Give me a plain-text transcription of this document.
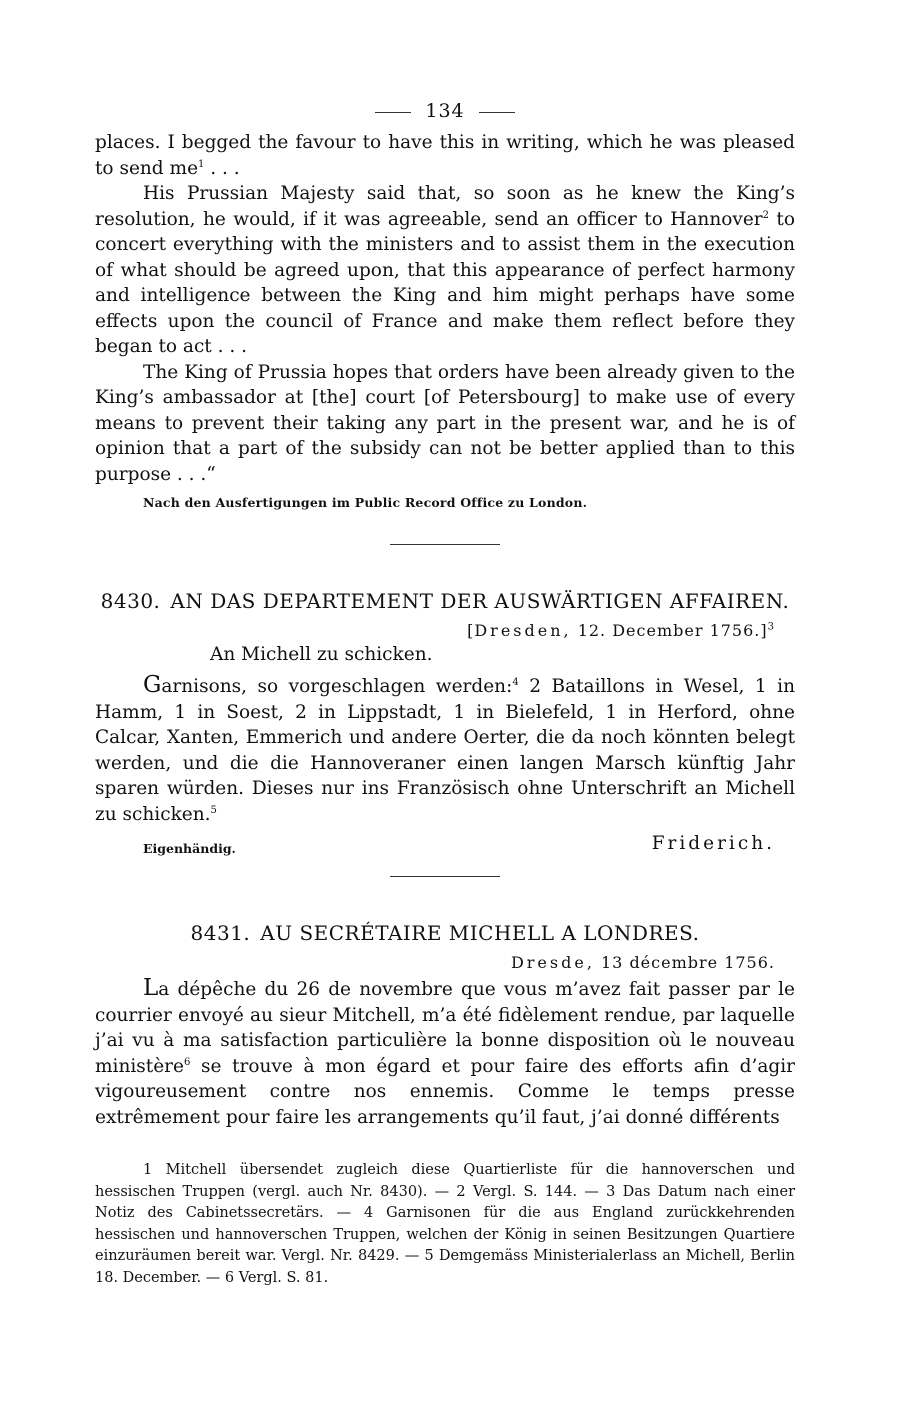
134

places. I begged the favour to have this in writing, which he was pleased to send $me^1$ . . .

His Prussian Majesty said that, so soon as he knew the King’s resolution, he would, if it was agreeable, send an officer to Hannover$^2$ to concert everything with the ministers and to assist them in the execution of what should be agreed upon, that this appearance of perfect harmony and intelligence between the King and him might perhaps have some effects upon the council of France and make them reflect before they began to act . . .

The King of Prussia hopes that orders have been already given to the King’s ambassador at [the] court [of Petersbourg] to make use of every means to prevent their taking any part in the present war, and he is of opinion that a part of the subsidy can not be better applied than to this purpose . . .“

Nach den Ausfertigungen im Public Record Office zu London.
8430. AN DAS DEPARTEMENT DER AUSWÄRTIGEN AFFAIREN.
[Dresden, 12. December 1756.]$^3$
An Michell zu schicken.

Garnisons, so vorgeschlagen werden:$^4$ 2 Bataillons in Wesel, 1 in Hamm, 1 in Soest, 2 in Lippstadt, 1 in Bielefeld, 1 in Herford, ohne Calcar, Xanten, Emmerich und andere Oerter, die da noch könnten belegt werden, und die die Hannoveraner einen langen Marsch künftig Jahr sparen würden. Dieses nur ins Französisch ohne Unterschrift an Michell zu schicken.$^5$

Eigenhändig.	Friderich.
8431. AU SECRÉTAIRE MICHELL A LONDRES.
Dresde, 13 décembre 1756.

La dépêche du 26 de novembre que vous m’avez fait passer par le courrier envoyé au sieur Mitchell, m’a été fidèlement rendue, par laquelle j’ai vu à ma satisfaction particulière la bonne disposition où le nouveau ministère$^6$ se trouve à mon égard et pour faire des efforts afin d’agir vigoureusement contre nos ennemis. Comme le temps presse extrêmement pour faire les arrangements qu’il faut, j’ai donné différents

1 Mitchell übersendet zugleich diese Quartierliste für die hannoverschen und hessischen Truppen (vergl. auch Nr. 8430). — 2 Vergl. S. 144. — 3 Das Datum nach einer Notiz des Cabinetssecretärs. — 4 Garnisonen für die aus England zurückkehrenden hessischen und hannoverschen Truppen, welchen der König in seinen Besitzungen Quartiere einzuräumen bereit war. Vergl. Nr. 8429. — 5 Demgemäss Ministerialerlass an Michell, Berlin 18. December. — 6 Vergl. S. 81.
